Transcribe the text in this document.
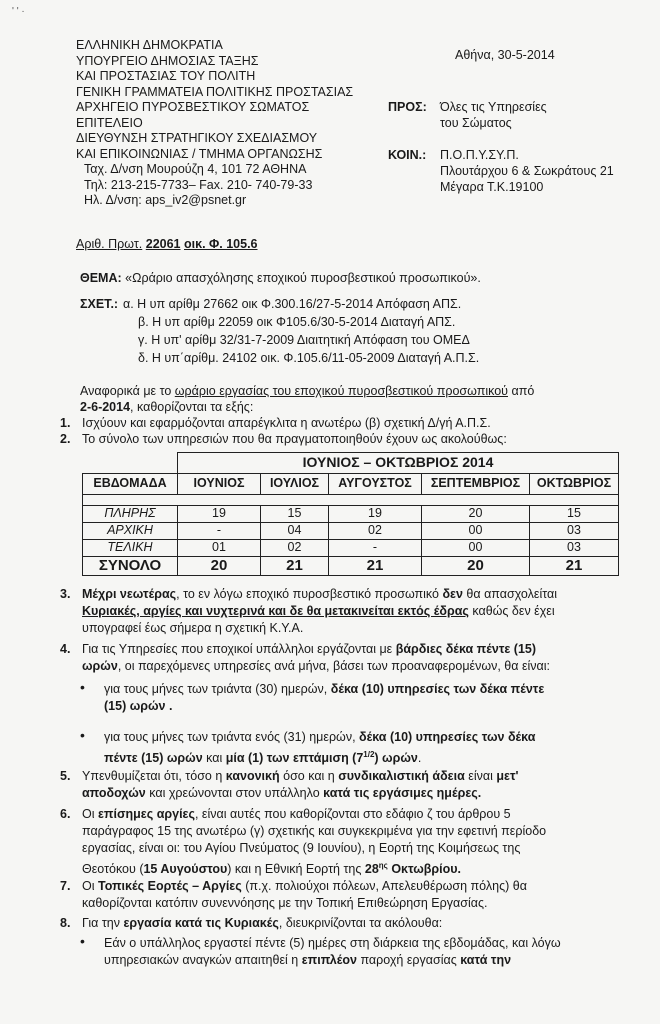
' ' ·
ΕΛΛΗΝΙΚΗ ΔΗΜΟΚΡΑΤΙΑ
ΥΠΟΥΡΓΕΙΟ ΔΗΜΟΣΙΑΣ ΤΑΞΗΣ
ΚΑΙ ΠΡΟΣΤΑΣΙΑΣ ΤΟΥ ΠΟΛΙΤΗ
ΓΕΝΙΚΗ ΓΡΑΜΜΑΤΕΙΑ ΠΟΛΙΤΙΚΗΣ ΠΡΟΣΤΑΣΙΑΣ
ΑΡΧΗΓΕΙΟ ΠΥΡΟΣΒΕΣΤΙΚΟΥ ΣΩΜΑΤΟΣ
ΕΠΙΤΕΛΕΙΟ
ΔΙΕΥΘΥΝΣΗ ΣΤΡΑΤΗΓΙΚΟΥ ΣΧΕΔΙΑΣΜΟΥ
ΚΑΙ ΕΠΙΚΟΙΝΩΝΙΑΣ / ΤΜΗΜΑ ΟΡΓΑΝΩΣΗΣ
Ταχ. Δ/νση Μουρούζη 4, 101 72 ΑΘΗΝΑ
Τηλ: 213-215-7733– Fax. 210- 740-79-33
Ηλ. Δ/νση: aps_iv2@psnet.gr
Αθήνα, 30-5-2014
ΠΡΟΣ: Όλες τις Υπηρεσίες
του Σώματος
ΚΟΙΝ.: Π.Ο.Π.Υ.ΣΥ.Π.
Πλουτάρχου 6 & Σωκράτους 21
Μέγαρα Τ.Κ.19100
Αριθ. Πρωτ. 22061 οικ. Φ. 105.6
ΘΕΜΑ: «Ωράριο απασχόλησης εποχικού πυροσβεστικού προσωπικού».
ΣΧΕΤ.: α. Η υπ αρίθμ 27662 οικ Φ.300.16/27-5-2014 Απόφαση ΑΠΣ.
β. Η υπ αρίθμ 22059 οικ Φ105.6/30-5-2014 Διαταγή ΑΠΣ.
γ. Η υπ' αρίθμ 32/31-7-2009 Διαιτητική Απόφαση του ΟΜΕΔ
δ. Η υπ΄αρίθμ. 24102 οικ. Φ.105.6/11-05-2009 Διαταγή Α.Π.Σ.
Αναφορικά με το ωράριο εργασίας του εποχικού πυροσβεστικού προσωπικού από
2-6-2014, καθορίζονται τα εξής:
1. Ισχύουν και εφαρμόζονται απαρέγκλιτα η ανωτέρω (β) σχετική Δ/γή Α.Π.Σ.
2. Το σύνολο των υπηρεσιών που θα πραγματοποιηθούν έχουν ως ακολούθως:
	ΙΟΥΝΙΟΣ – ΟΚΤΩΒΡΙΟΣ 2014				
ΕΒΔΟΜΑΔΑ	ΙΟΥΝΙΟΣ	ΙΟΥΛΙΟΣ	ΑΥΓΟΥΣΤΟΣ	ΣΕΠΤΕΜΒΡΙΟΣ	ΟΚΤΩΒΡΙΟΣ

ΠΛΗΡΗΣ	19	15	19	20	15
ΑΡΧΙΚΗ	-	04	02	00	03
ΤΕΛΙΚΗ	01	02	-	00	03
ΣΥΝΟΛΟ	20	21	21	20	21
3. Μέχρι νεωτέρας, το εν λόγω εποχικό πυροσβεστικό προσωπικό δεν θα απασχολείται
Κυριακές, αργίες και νυχτερινά και δε θα μετακινείται εκτός έδρας καθώς δεν έχει
υπογραφεί έως σήμερα η σχετική Κ.Υ.Α.
4. Για τις Υπηρεσίες που εποχικοί υπάλληλοι εργάζονται με βάρδιες δέκα πέντε (15)
ωρών, οι παρεχόμενες υπηρεσίες ανά μήνα, βάσει των προαναφερομένων, θα είναι:
• για τους μήνες των τριάντα (30) ημερών, δέκα (10) υπηρεσίες των δέκα πέντε
(15) ωρών .
• για τους μήνες των τριάντα ενός (31) ημερών, δέκα (10) υπηρεσίες των δέκα
πέντε (15) ωρών και μία (1) των επτάμιση $(7^{1/2})$ ωρών.
5. Υπενθυμίζεται ότι, τόσο η κανονική όσο και η συνδικαλιστική άδεια είναι μετ'
αποδοχών και χρεώνονται στον υπάλληλο κατά τις εργάσιμες ημέρες.
6. Οι επίσημες αργίες, είναι αυτές που καθορίζονται στο εδάφιο ζ του άρθρου 5
παράγραφος 15 της ανωτέρω (γ) σχετικής και συγκεκριμένα για την εφετινή περίοδο
εργασίας, είναι οι: του Αγίου Πνεύματος (9 Ιουνίου), η Εορτή της Κοιμήσεως της
Θεοτόκου (15 Αυγούστου) και η Εθνική Εορτή της $28^{\eta\varsigma}$ Οκτωβρίου.
7. Οι Τοπικές Εορτές – Αργίες (π.χ. πολιούχοι πόλεων, Απελευθέρωση πόλης) θα
καθορίζονται κατόπιν συνεννόησης με την Τοπική Επιθεώρηση Εργασίας.
8. Για την εργασία κατά τις Κυριακές, διευκρινίζονται τα ακόλουθα:
• Εάν ο υπάλληλος εργαστεί πέντε (5) ημέρες στη διάρκεια της εβδομάδας, και λόγω
υπηρεσιακών αναγκών απαιτηθεί η επιπλέον παροχή εργασίας κατά την
